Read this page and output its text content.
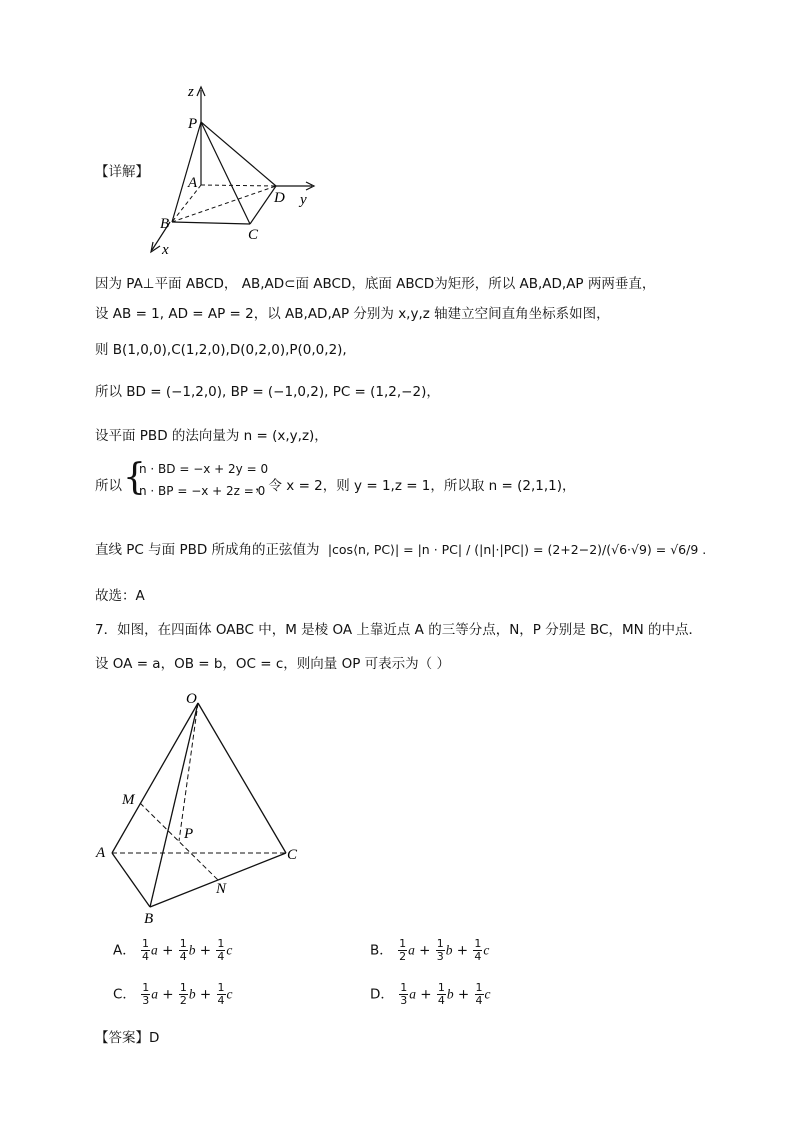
z
P
A
D y
B
C
x
【详解】
因为 PA⊥平面 ABCD， AB,AD⊂面 ABCD，底面 ABCD为矩形，所以 AB,AD,AP 两两垂直，
设 AB = 1, AD = AP = 2，以 AB,AD,AP 分别为 x,y,z 轴建立空间直角坐标系如图，
则 B(1,0,0),C(1,2,0),D(0,2,0),P(0,0,2),
所以 BD = (−1,2,0), BP = (−1,0,2), PC = (1,2,−2)，
设平面 PBD 的法向量为 n = (x,y,z)，
所以 {
n · BD = −x + 2y = 0
n · BP = −x + 2z = 0
，令 x = 2，则 y = 1,z = 1，所以取 n = (2,1,1)，
直线 PC 与面 PBD 所成角的正弦值为 |cos⟨n, PC⟩| = |n · PC| / (|n|·|PC|) = (2+2−2)/(√6·√9) = √6/9 .
故选：A
7．如图，在四面体 OABC 中，M 是棱 OA 上靠近点 A 的三等分点，N，P 分别是 BC，MN 的中点．
设 OA = a，OB = b，OC = c，则向量 OP 可表示为（ ）
O
M
P
A	C
N
B
A． $\frac{1}{4}$ $a + \frac{1}{4}$ $b + \frac{1}{4}$ c	B． $\frac{1}{2}$ $a + \frac{1}{3}$ $b + \frac{1}{4}$ c
C． $\frac{1}{3}$ $a + \frac{1}{2}$ $b + \frac{1}{4}$ c	D． $\frac{1}{3}$ $a + \frac{1}{4}$ $b + \frac{1}{4}$ c
【答案】D
